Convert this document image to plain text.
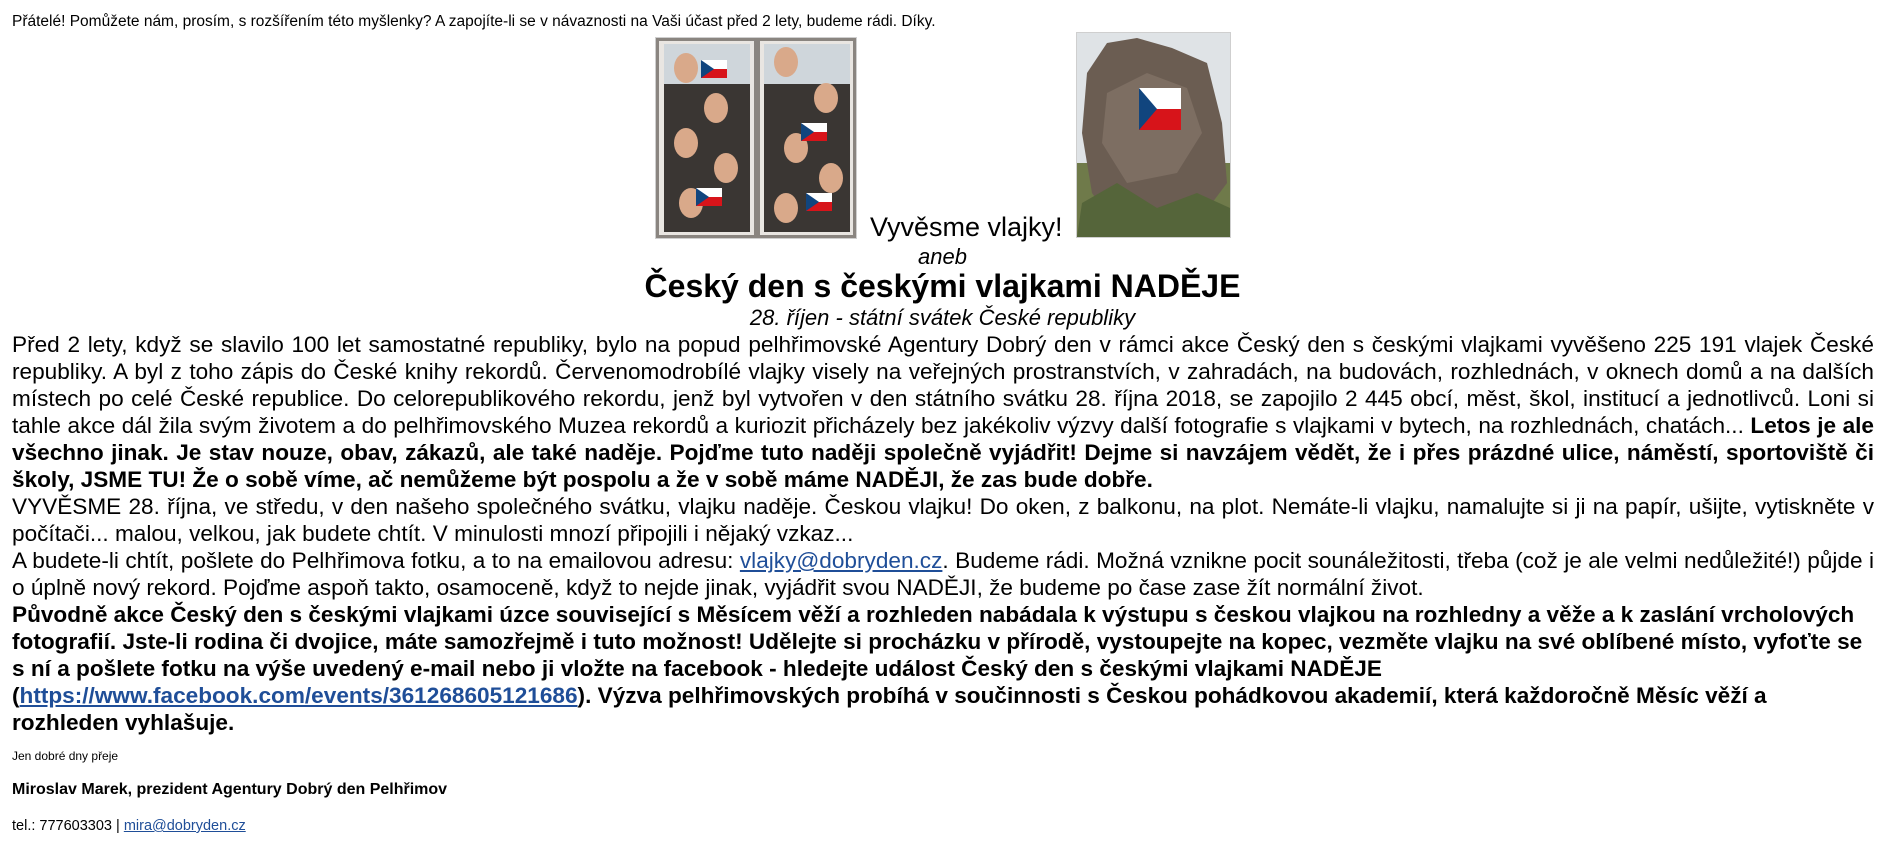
Přátelé! Pomůžete nám, prosím, s rozšířením této myšlenky? A zapojíte-li se v návaznosti na Vaši účast před 2 lety, budeme rádi. Díky.
Vyvěsme vlajky!
aneb
Český den s českými vlajkami NADĚJE
28. říjen - státní svátek České republiky

Před 2 lety, když se slavilo 100 let samostatné republiky, bylo na popud pelhřimovské Agentury Dobrý den v rámci akce Český den s českými vlajkami vyvěšeno 225 191 vlajek České republiky. A byl z toho zápis do České knihy rekordů. Červenomodrobílé vlajky visely na veřejných prostranstvích, v zahradách, na budovách, rozhlednách, v oknech domů a na dalších místech po celé České republice. Do celorepublikového rekordu, jenž byl vytvořen v den státního svátku 28. října 2018, se zapojilo 2 445 obcí, měst, škol, institucí a jednotlivců. Loni si tahle akce dál žila svým životem a do pelhřimovského Muzea rekordů a kuriozit přicházely bez jakékoliv výzvy další fotografie s vlajkami v bytech, na rozhlednách, chatách... Letos je ale všechno jinak. Je stav nouze, obav, zákazů, ale také naděje. Pojďme tuto naději společně vyjádřit! Dejme si navzájem vědět, že i přes prázdné ulice, náměstí, sportoviště či školy, JSME TU! Že o sobě víme, ač nemůžeme být pospolu a že v sobě máme NADĚJI, že zas bude dobře.

VYVĚSME 28. října, ve středu, v den našeho společného svátku, vlajku naděje. Českou vlajku! Do oken, z balkonu, na plot. Nemáte-li vlajku, namalujte si ji na papír, ušijte, vytiskněte v počítači... malou, velkou, jak budete chtít. V minulosti mnozí připojili i nějaký vzkaz...

A budete-li chtít, pošlete do Pelhřimova fotku, a to na emailovou adresu: vlajky@dobryden.cz. Budeme rádi. Možná vznikne pocit sounáležitosti, třeba (což je ale velmi nedůležité!) půjde i o úplně nový rekord. Pojďme aspoň takto, osamoceně, když to nejde jinak, vyjádřit svou NADĚJI, že budeme po čase zase žít normální život.

Původně akce Český den s českými vlajkami úzce související s Měsícem věží a rozhleden nabádala k výstupu s českou vlajkou na rozhledny a věže a k zaslání vrcholových fotografií. Jste-li rodina či dvojice, máte samozřejmě i tuto možnost! Udělejte si procházku v přírodě, vystoupejte na kopec, vezměte vlajku na své oblíbené místo, vyfoťte se s ní a pošlete fotku na výše uvedený e-mail nebo ji vložte na facebook - hledejte událost Český den s českými vlajkami NADĚJE (https://www.facebook.com/events/361268605121686). Výzva pelhřimovských probíhá v součinnosti s Českou pohádkovou akademií, která každoročně Měsíc věží a rozhleden vyhlašuje.

Jen dobré dny přeje
Miroslav Marek, prezident Agentury Dobrý den Pelhřimov
tel.: 777603303 | mira@dobryden.cz
